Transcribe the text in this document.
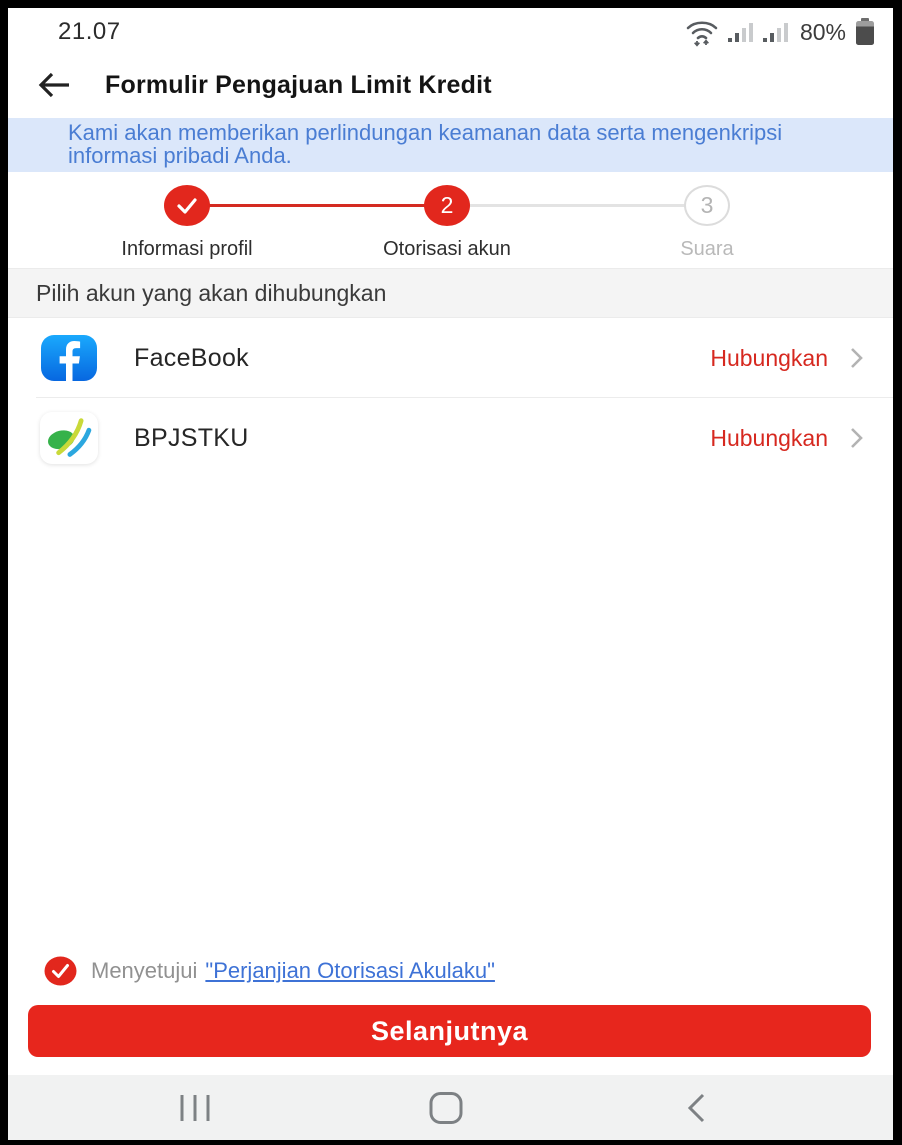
21.07	80%
Formulir Pengajuan Limit Kredit
Kami akan memberikan perlindungan keamanan data serta mengenkripsi informasi pribadi Anda.
2	3
Informasi profil	Otorisasi akun	Suara
Pilih akun yang akan dihubungkan
FaceBook	Hubungkan
BPJSTKU	Hubungkan
Menyetujui "Perjanjian Otorisasi Akulaku"
Selanjutnya
